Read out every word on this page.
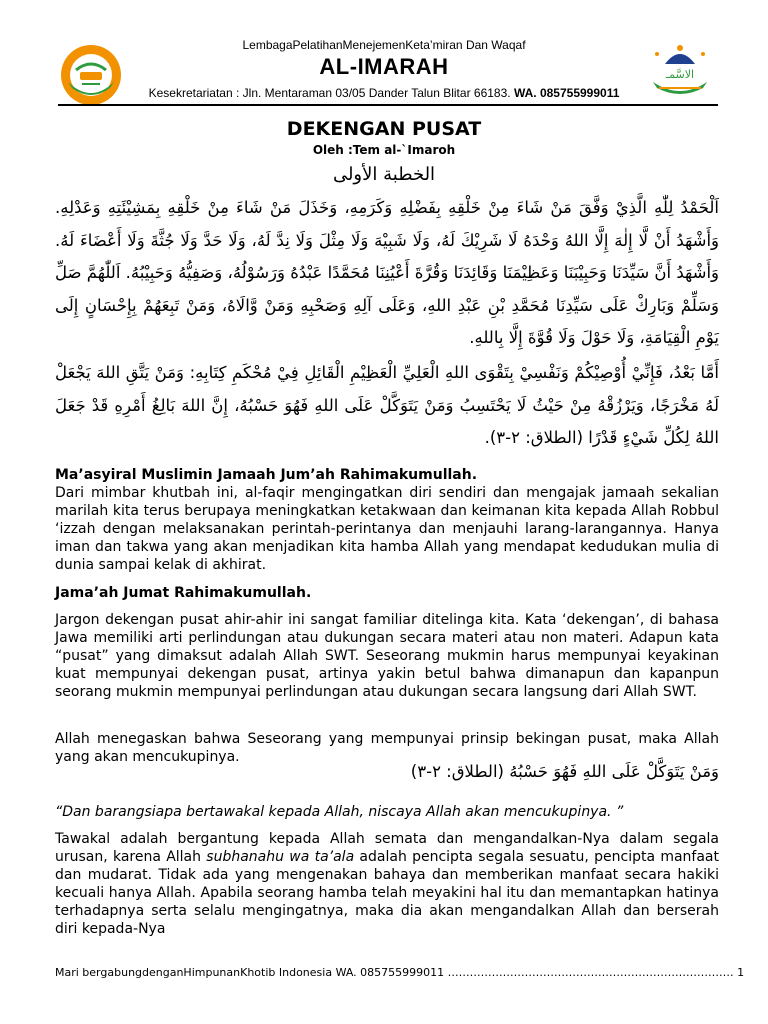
LembagaPelatihanMenejemenKeta’miran Dan Waqaf
AL-IMARAH
Kesekretariatan : Jln. Mentaraman 03/05 Dander Talun Blitar 66183. WA. 085755999011
الاسَّمـ
DEKENGAN PUSAT
Oleh :Tem al-`Imaroh
الخطبة الأولى

اَلْحَمْدُ لِلّٰهِ الَّذِيْ وَفَّقَ مَنْ شَاءَ مِنْ خَلْقِهِ بِفَضْلِهِ وَكَرَمِهِ، وَخَذَلَ مَنْ شَاءَ مِنْ خَلْقِهِ بِمَشِيْئَتِهِ وَعَدْلِهِ. وَأَشْهَدُ أَنْ لَّا إِلٰهَ إِلَّا اللهُ وَحْدَهُ لَا شَرِيْكَ لَهُ، وَلَا شَبِيْهَ وَلَا مِثْلَ وَلَا نِدَّ لَهُ، وَلَا حَدَّ وَلَا جُثَّةَ وَلَا أَعْضَاءَ لَهُ. وَأَشْهَدُ أَنَّ سَيِّدَنَا وَحَبِيْبَنَا وَعَظِيْمَنَا وَقَائِدَنَا وَقُرَّةَ أَعْيُنِنَا مُحَمَّدًا عَبْدُهُ وَرَسُوْلُهُ، وَصَفِيُّهُ وَحَبِيْبُهُ. اَللّٰهُمَّ صَلِّ وَسَلِّمْ وَبَارِكْ عَلَى سَيِّدِنَا مُحَمَّدِ بْنِ عَبْدِ اللهِ، وَعَلَى آلِهِ وَصَحْبِهِ وَمَنْ وَّالَاهُ، وَمَنْ تَبِعَهُمْ بِإِحْسَانٍ إِلَى يَوْمِ الْقِيَامَةِ، وَلَا حَوْلَ وَلَا قُوَّةَ إِلَّا بِاللهِ.

أَمَّا بَعْدُ، فَإِنِّيْ أُوْصِيْكُمْ وَنَفْسِيْ بِتَقْوَى اللهِ الْعَلِيِّ الْعَظِيْمِ الْقَائِلِ فِيْ مُحْكَمِ كِتَابِهِ: وَمَنْ يَتَّقِ اللهَ يَجْعَلْ لَهُ مَخْرَجًا، وَيَرْزُقْهُ مِنْ حَيْثُ لَا يَحْتَسِبُ وَمَنْ يَتَوَكَّلْ عَلَى اللهِ فَهُوَ حَسْبُهُ، إِنَّ اللهَ بَالِغُ أَمْرِهِ قَدْ جَعَلَ اللهُ لِكُلِّ شَيْءٍ قَدْرًا (الطلاق: ٢-٣).

Ma’asyiral Muslimin Jamaah Jum’ah Rahimakumullah.

Dari mimbar khutbah ini, al-faqir mengingatkan diri sendiri dan mengajak jamaah sekalian marilah kita terus berupaya meningkatkan ketakwaan dan keimanan kita kepada Allah Robbul ‘izzah dengan melaksanakan perintah-perintanya dan menjauhi larang-larangannya. Hanya iman dan takwa yang akan menjadikan kita hamba Allah yang mendapat kedudukan mulia di dunia sampai kelak di akhirat.

Jama’ah Jumat Rahimakumullah.

Jargon dekengan pusat ahir-ahir ini sangat familiar ditelinga kita. Kata ‘dekengan’, di bahasa Jawa memiliki arti perlindungan atau dukungan secara materi atau non materi. Adapun kata “pusat” yang dimaksut adalah Allah SWT. Seseorang mukmin harus mempunyai keyakinan kuat mempunyai dekengan pusat, artinya yakin betul bahwa dimanapun dan kapanpun seorang mukmin mempunyai perlindungan atau dukungan secara langsung dari Allah SWT.

Allah menegaskan bahwa Seseorang yang mempunyai prinsip bekingan pusat, maka Allah yang akan mencukupinya.

وَمَنْ يَتَوَكَّلْ عَلَى اللهِ فَهُوَ حَسْبُهُ (الطلاق: ٢-٣)

“Dan barangsiapa bertawakal kepada Allah, niscaya Allah akan mencukupinya. ”

Tawakal adalah bergantung kepada Allah semata dan mengandalkan-Nya dalam segala urusan, karena Allah subhanahu wa ta’ala adalah pencipta segala sesuatu, pencipta manfaat dan mudarat. Tidak ada yang mengenakan bahaya dan memberikan manfaat secara hakiki kecuali hanya Allah. Apabila seorang hamba telah meyakini hal itu dan memantapkan hatinya terhadapnya serta selalu mengingatnya, maka dia akan mengandalkan Allah dan berserah diri kepada-Nya

Mari bergabungdenganHimpunanKhotib Indonesia WA. 085755999011 …………………………………………………………………… 1
